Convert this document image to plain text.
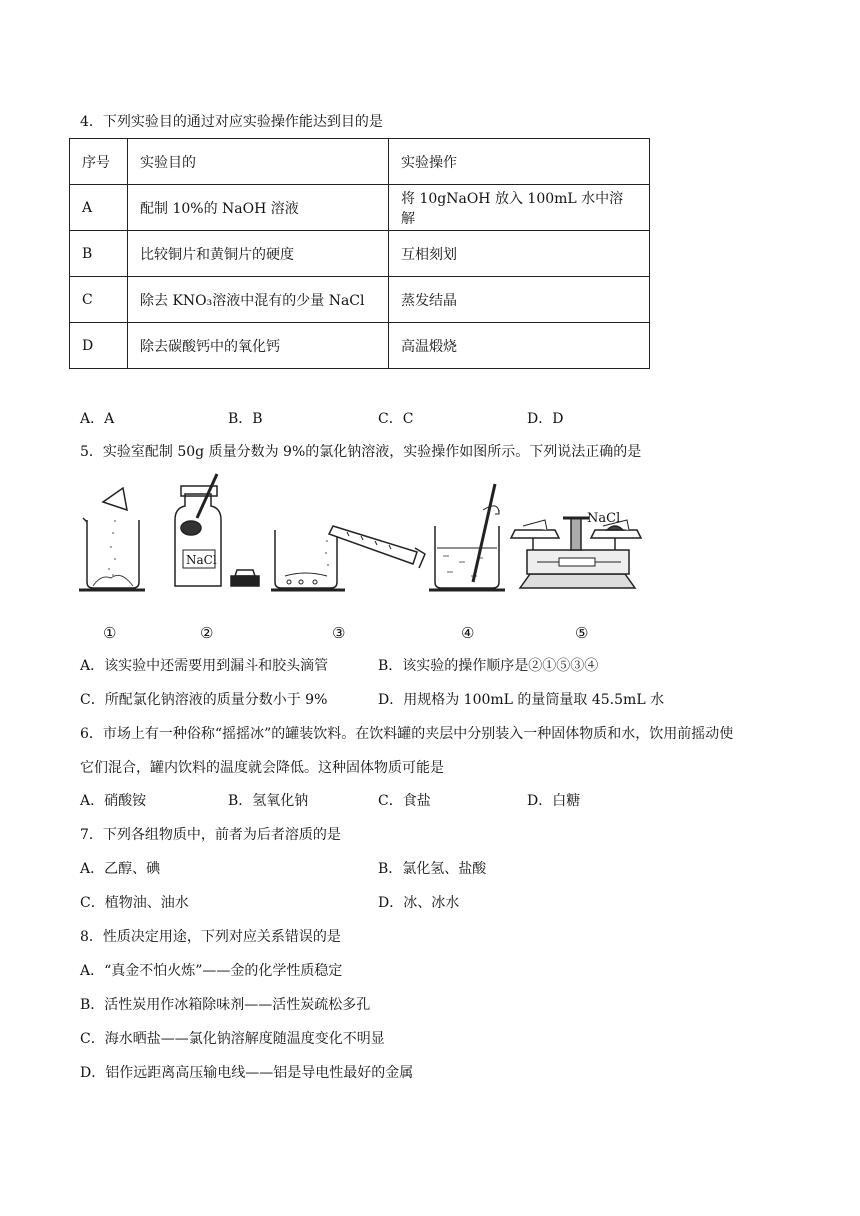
4．下列实验目的通过对应实验操作能达到目的是
序号	实验目的	实验操作
A	配制 10%的 NaOH 溶液	将 10gNaOH 放入 100mL 水中溶解
B	比较铜片和黄铜片的硬度	互相刻划
C	除去 KNO₃溶液中混有的少量 NaCl	蒸发结晶
D	除去碳酸钙中的氧化钙	高温煅烧
A．A	B．B	C．C	D．D
5．实验室配制 50g 质量分数为 9%的氯化钠溶液，实验操作如图所示。下列说法正确的是
NaCl
NaCl
①	②	③	④	⑤
A．该实验中还需要用到漏斗和胶头滴管	B．该实验的操作顺序是②①⑤③④
C．所配氯化钠溶液的质量分数小于 9%	D．用规格为 100mL 的量筒量取 45.5mL 水
6．市场上有一种俗称“摇摇冰”的罐装饮料。在饮料罐的夹层中分别装入一种固体物质和水，饮用前摇动使
它们混合，罐内饮料的温度就会降低。这种固体物质可能是
A．硝酸铵	B．氢氧化钠	C．食盐	D．白糖
7．下列各组物质中，前者为后者溶质的是
A．乙醇、碘	B．氯化氢、盐酸
C．植物油、油水	D．冰、冰水
8．性质决定用途，下列对应关系错误的是
A．“真金不怕火炼”——金的化学性质稳定
B．活性炭用作冰箱除味剂——活性炭疏松多孔
C．海水晒盐——氯化钠溶解度随温度变化不明显
D．铝作远距离高压输电线——铝是导电性最好的金属
